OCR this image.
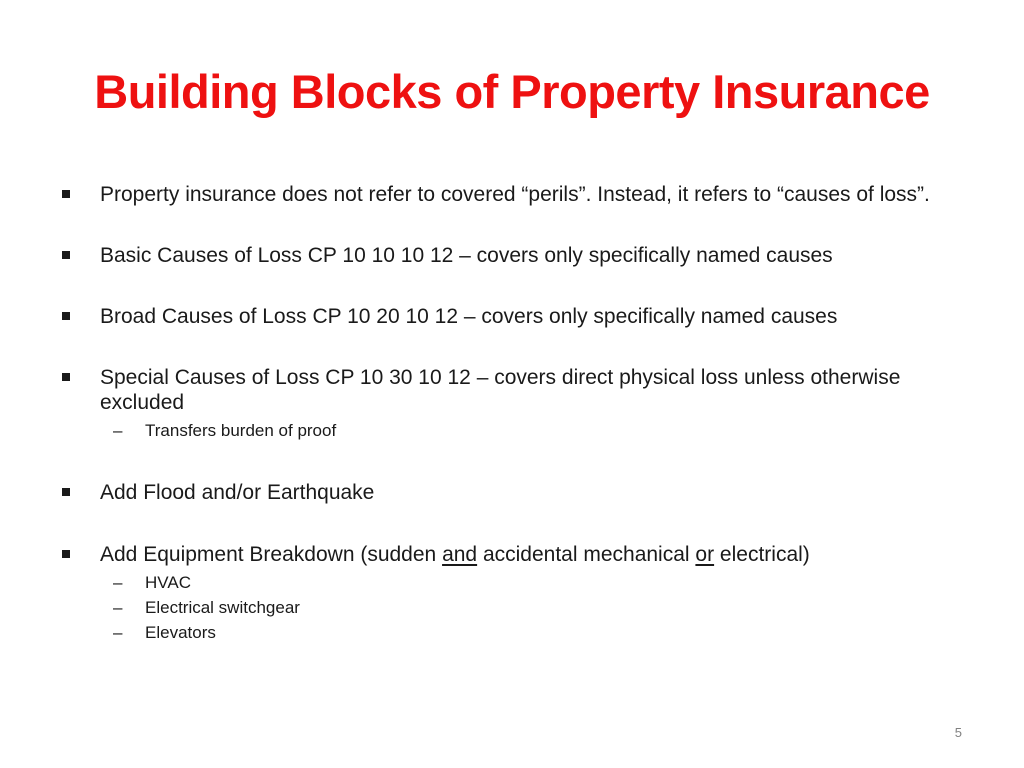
Building Blocks of Property Insurance
Property insurance does not refer to covered “perils”. Instead, it refers to “causes of loss”.
Basic Causes of Loss CP 10 10 10 12 – covers only specifically named causes
Broad Causes of Loss CP 10 20 10 12 – covers only specifically named causes
Special Causes of Loss CP 10 30 10 12 – covers direct physical loss unless otherwise excluded
– Transfers burden of proof
Add Flood and/or Earthquake
Add Equipment Breakdown (sudden and accidental mechanical or electrical)
– HVAC
– Electrical switchgear
– Elevators
5
